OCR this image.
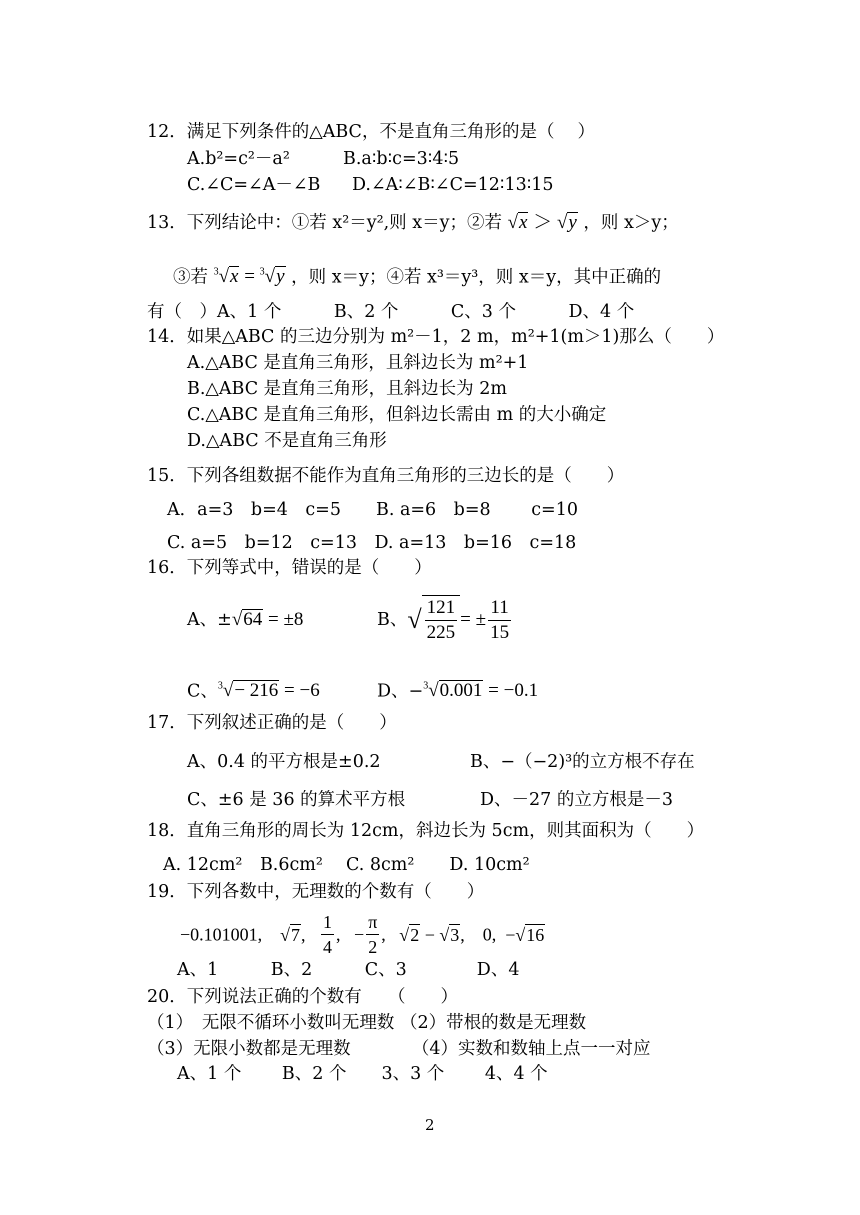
12．满足下列条件的△ABC，不是直角三角形的是（　 ）
A.b²=c²－a²	B.a∶b∶c=3∶4∶5
C.∠C=∠A－∠B D.∠A∶∠B∶∠C=12∶13∶15
13．下列结论中：①若 x²＝y²,则 x＝y；②若 √x ＞ √y ，则 x＞y；
③若 $^3$√x = $^3$√y ，则 x＝y；④若 x³＝y³，则 x＝y，其中正确的
有（　）A、1 个　　　B、2 个　　　C、3 个　　　D、4 个
14．如果△ABC 的三边分别为 m²－1，2 m，m²+1(m＞1)那么（　　）
A.△ABC 是直角三角形，且斜边长为 m²+1
B.△ABC 是直角三角形，且斜边长为 2m
C.△ABC 是直角三角形，但斜边长需由 m 的大小确定
D.△ABC 不是直角三角形
15．下列各组数据不能作为直角三角形的三边长的是（　　）
A．a=3　b=4　c=5　　B. a=6　b=8　　 c=10
C. a=5　b=12　c=13　D. a=13　b=16　c=18
16．下列等式中，错误的是（　　）
A、±√64 = ±8	B、√ $\frac{121}{225}$ = ± $\frac{11}{15}$
C、$^3$√− 216 = −6	D、−$^3$√0.001 = −0.1
17．下列叙述正确的是（　　）
A、0.4 的平方根是±0.2	B、−（−2)³的立方根不存在
C、±6 是 36 的算术平方根	D、－27 的立方根是－3
18．直角三角形的周长为 12cm，斜边长为 5cm，则其面积为（　　）
A. 12cm²　B.6cm²　 C. 8cm²　　D. 10cm²
19．下列各数中，无理数的个数有（　　）
−0.101001, √7, $\frac{1}{4}$ , − $\frac{\pi}{2}$ , √2 − √3, 0, −√16
A、1　　　B、2　　　C、3　　　　D、4
20．下列说法正确的个数有　　（　　）
（1）　无限不循环小数叫无理数 （2）带根的数是无理数
（3）无限小数都是无理数　　　　（4）实数和数轴上点一一对应
A、1 个　　 B、2 个　　3、3 个　　 4、4 个
2
